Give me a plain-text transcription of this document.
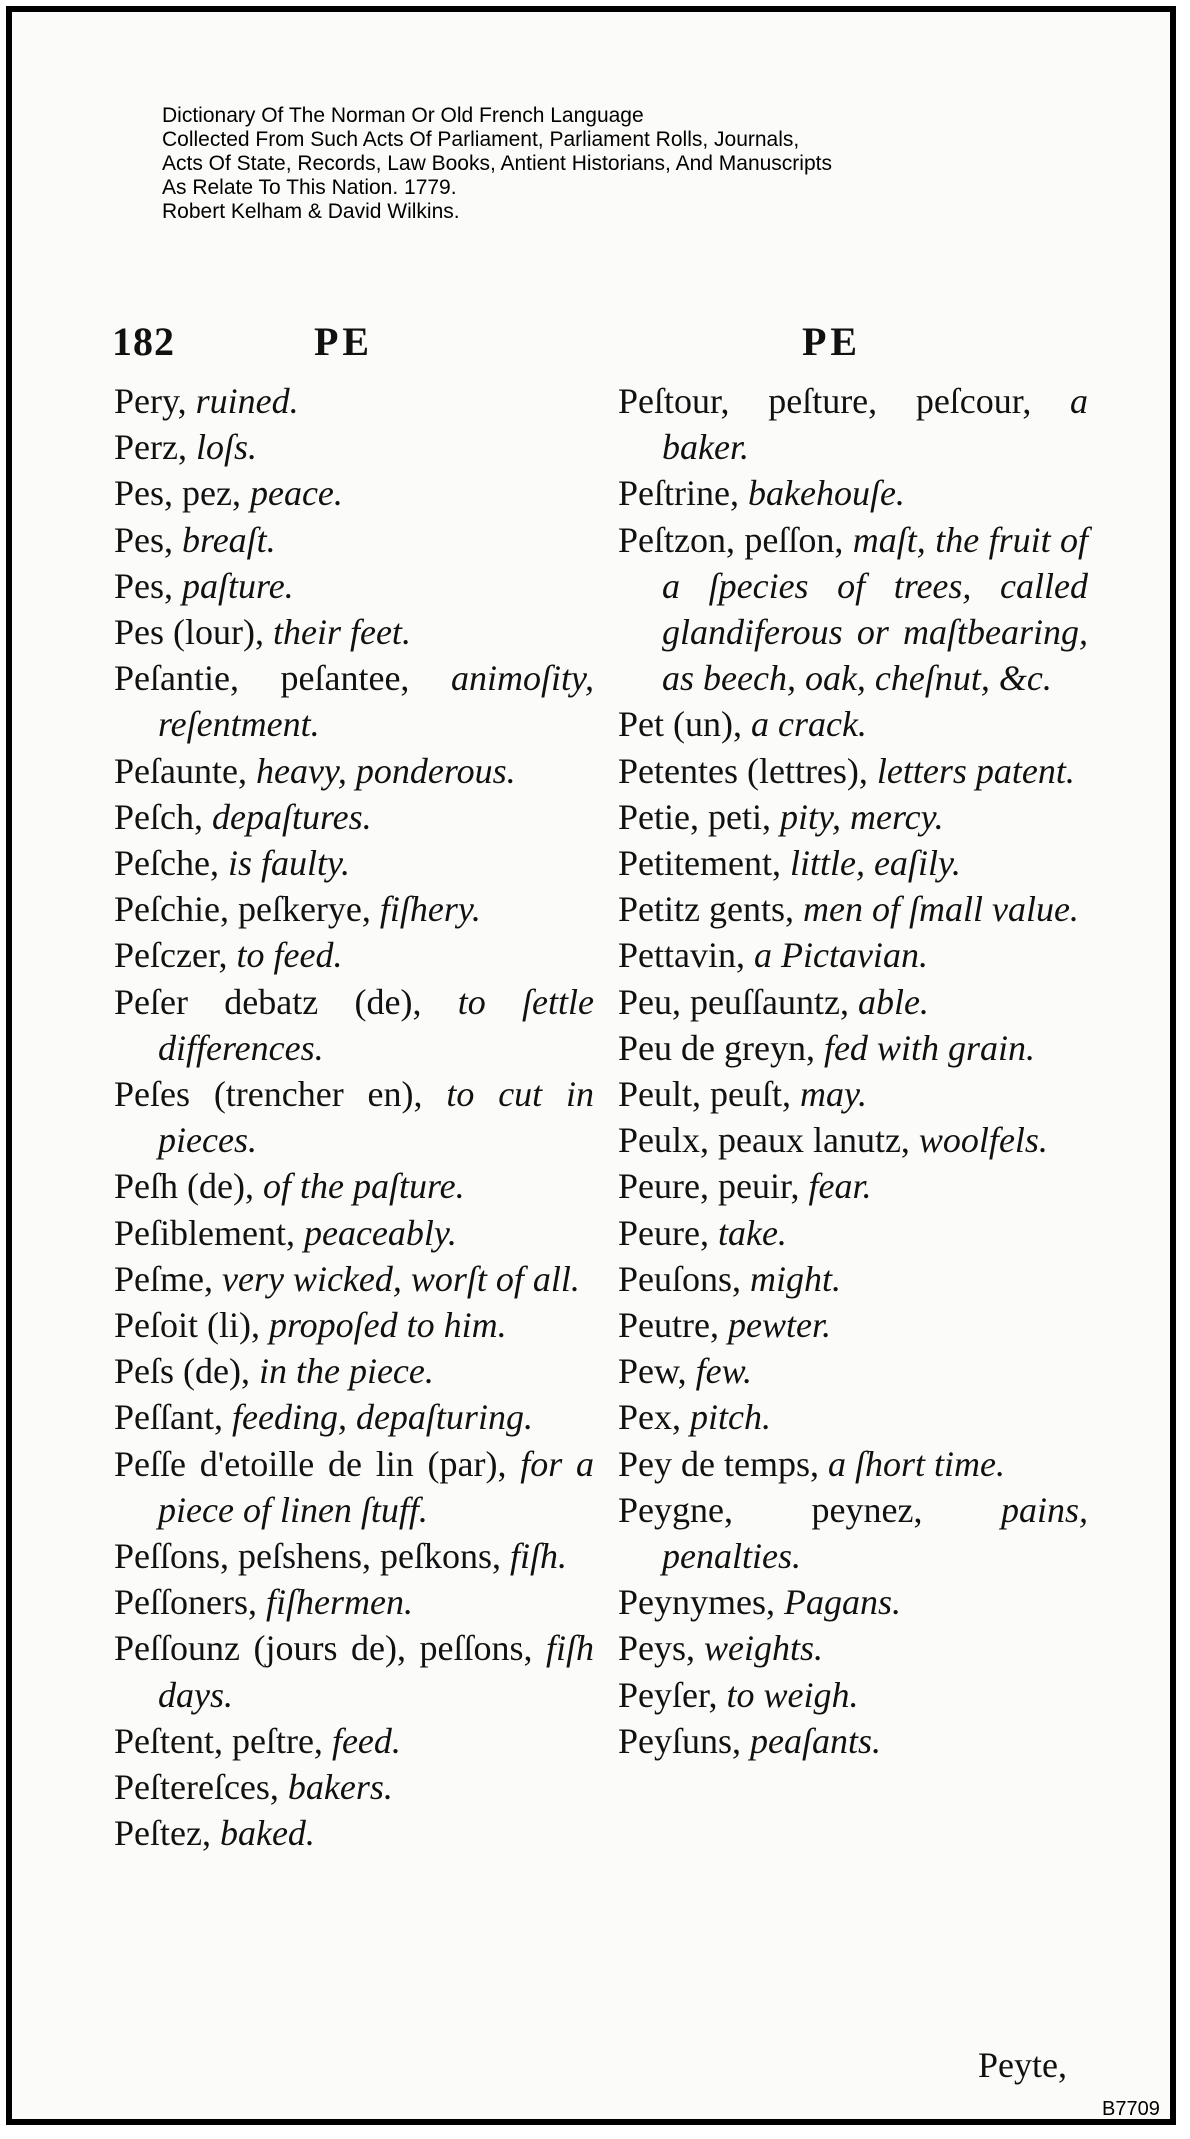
Dictionary Of The Norman Or Old French Language
Collected From Such Acts Of Parliament, Parliament Rolls, Journals,
Acts Of State, Records, Law Books, Antient Historians, And Manuscripts
As Relate To This Nation. 1779.
Robert Kelham & David Wilkins.
182	PE	PE
Pery, ruined.
Perz, loſs.
Pes, pez, peace.
Pes, breaſt.
Pes, paſture.
Pes (lour), their feet.
Peſantie, peſantee, animoſity, reſentment.
Peſaunte, heavy, ponderous.
Peſch, depaſtures.
Peſche, is faulty.
Peſchie, peſkerye, fiſhery.
Peſczer, to feed.
Peſer debatz (de), to ſettle differences.
Peſes (trencher en), to cut in pieces.
Peſh (de), of the paſture.
Peſiblement, peaceably.
Peſme, very wicked, worſt of all.
Peſoit (li), propoſed to him.
Peſs (de), in the piece.
Peſſant, feeding, depaſturing.
Peſſe d'etoille de lin (par), for a piece of linen ſtuff.
Peſſons, peſshens, peſkons, fiſh.
Peſſoners, fiſhermen.
Peſſounz (jours de), peſſons, fiſh days.
Peſtent, peſtre, feed.
Peſtereſces, bakers.
Peſtez, baked.
Peſtour, peſture, peſcour, a baker.
Peſtrine, bakehouſe.
Peſtzon, peſſon, maſt, the fruit of a ſpecies of trees, called glandiferous or maſtbearing, as beech, oak, cheſnut, &c.
Pet (un), a crack.
Petentes (lettres), letters patent.
Petie, peti, pity, mercy.
Petitement, little, eaſily.
Petitz gents, men of ſmall value.
Pettavin, a Pictavian.
Peu, peuſſauntz, able.
Peu de greyn, fed with grain.
Peult, peuſt, may.
Peulx, peaux lanutz, woolfels.
Peure, peuir, fear.
Peure, take.
Peuſons, might.
Peutre, pewter.
Pew, few.
Pex, pitch.
Pey de temps, a ſhort time.
Peygne, peynez, pains, penalties.
Peynymes, Pagans.
Peys, weights.
Peyſer, to weigh.
Peyſuns, peaſants.
Peyte,
B7709
